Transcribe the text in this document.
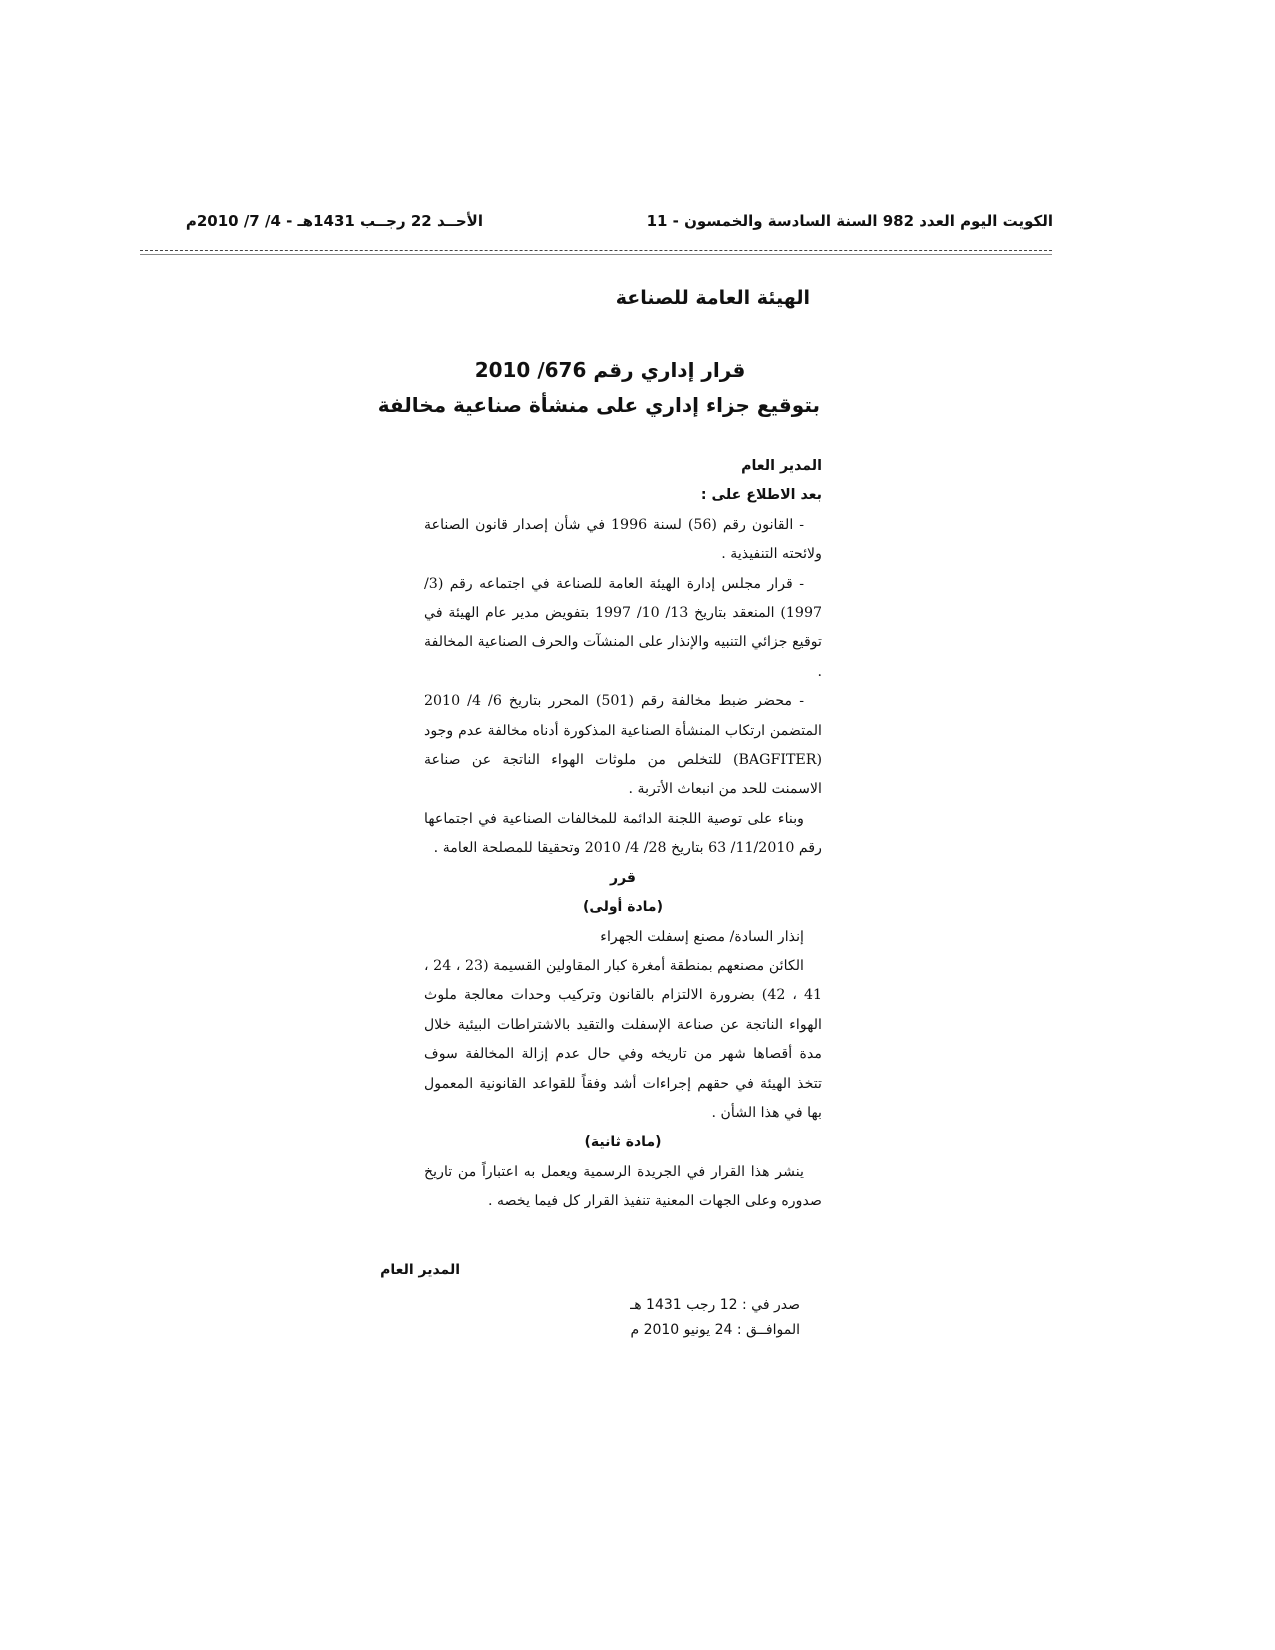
الكويت اليوم العدد 982 السنة السادسة والخمسون - 11
الأحــد 22 رجــب 1431هـ - 4/ 7/ 2010م
الهيئة العامة للصناعة
قرار إداري رقم 676/ 2010
بتوقيع جزاء إداري على منشأة صناعية مخالفة

المدير العام

بعد الاطلاع على :

- القانون رقم (56) لسنة 1996 في شأن إصدار قانون الصناعة ولائحته التنفيذية .

- قرار مجلس إدارة الهيئة العامة للصناعة في اجتماعه رقم (3/ 1997) المنعقد بتاريخ 13/ 10/ 1997 بتفويض مدير عام الهيئة في توقيع جزائي التنبيه والإنذار على المنشآت والحرف الصناعية المخالفة .

- محضر ضبط مخالفة رقم (501) المحرر بتاريخ 6/ 4/ 2010 المتضمن ارتكاب المنشأة الصناعية المذكورة أدناه مخالفة عدم وجود (BAGFITER) للتخلص من ملوثات الهواء الناتجة عن صناعة الاسمنت للحد من انبعاث الأتربة .

وبناء على توصية اللجنة الدائمة للمخالفات الصناعية في اجتماعها رقم 11/2010/ 63 بتاريخ 28/ 4/ 2010 وتحقيقا للمصلحة العامة .

قرر
(مادة أولى)

إنذار السادة/ مصنع إسفلت الجهراء

الكائن مصنعهم بمنطقة أمغرة كبار المقاولين القسيمة (23 ، 24 ، 41 ، 42) بضرورة الالتزام بالقانون وتركيب وحدات معالجة ملوث الهواء الناتجة عن صناعة الإسفلت والتقيد بالاشتراطات البيئية خلال مدة أقصاها شهر من تاريخه وفي حال عدم إزالة المخالفة سوف تتخذ الهيئة في حقهم إجراءات أشد وفقاً للقواعد القانونية المعمول بها في هذا الشأن .

(مادة ثانية)

ينشر هذا القرار في الجريدة الرسمية ويعمل به اعتباراً من تاريخ صدوره وعلى الجهات المعنية تنفيذ القرار كل فيما يخصه .

المدير العام
صدر في : 12 رجب 1431 هـ
الموافــق : 24 يونيو 2010 م
